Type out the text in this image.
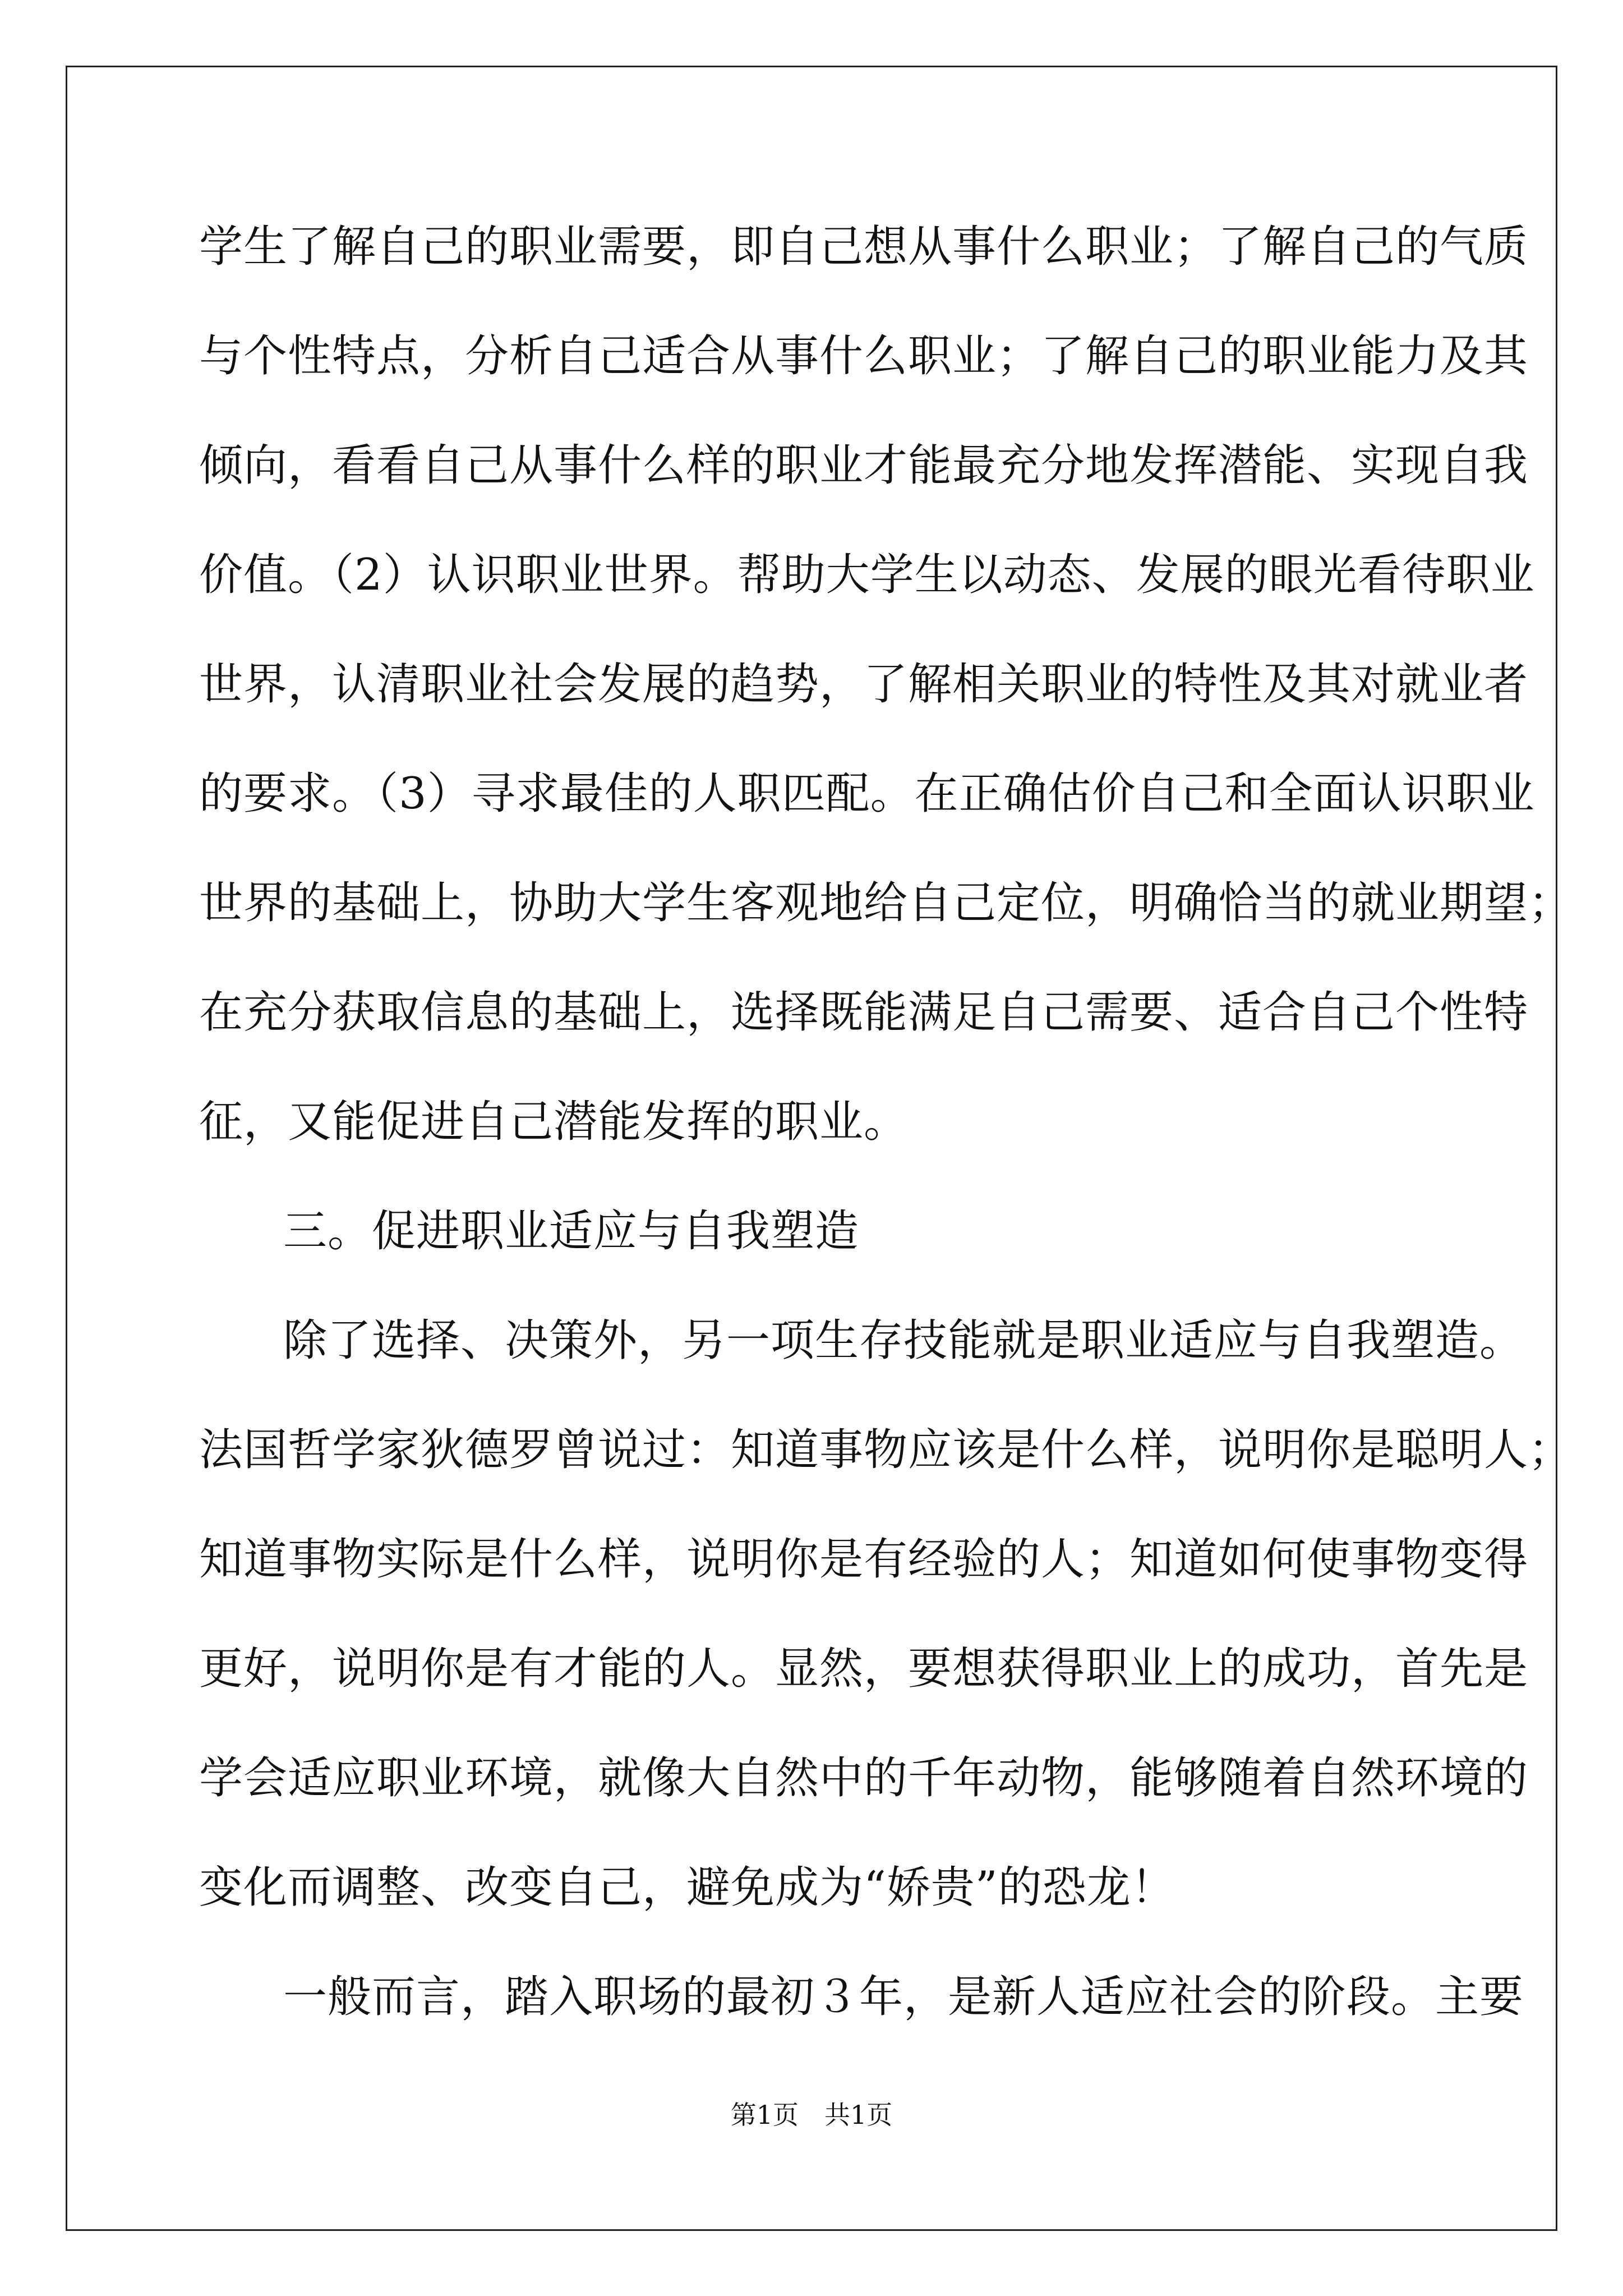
学生了解自己的职业需要，即自己想从事什么职业；了解自己的气质
与个性特点，分析自己适合从事什么职业；了解自己的职业能力及其
倾向，看看自己从事什么样的职业才能最充分地发挥潜能、实现自我
价值。（2）认识职业世界。帮助大学生以动态、发展的眼光看待职业
世界，认清职业社会发展的趋势，了解相关职业的特性及其对就业者
的要求。（3）寻求最佳的人职匹配。在正确估价自己和全面认识职业
世界的基础上，协助大学生客观地给自己定位，明确恰当的就业期望；
在充分获取信息的基础上，选择既能满足自己需要、适合自己个性特
征，又能促进自己潜能发挥的职业。
三。促进职业适应与自我塑造
除了选择、决策外，另一项生存技能就是职业适应与自我塑造。
法国哲学家狄德罗曾说过：知道事物应该是什么样，说明你是聪明人；
知道事物实际是什么样，说明你是有经验的人；知道如何使事物变得
更好，说明你是有才能的人。显然，要想获得职业上的成功，首先是
学会适应职业环境，就像大自然中的千年动物，能够随着自然环境的
变化而调整、改变自己，避免成为“娇贵”的恐龙！
一般而言，踏入职场的最初３年，是新人适应社会的阶段。主要
第1页　共1页
